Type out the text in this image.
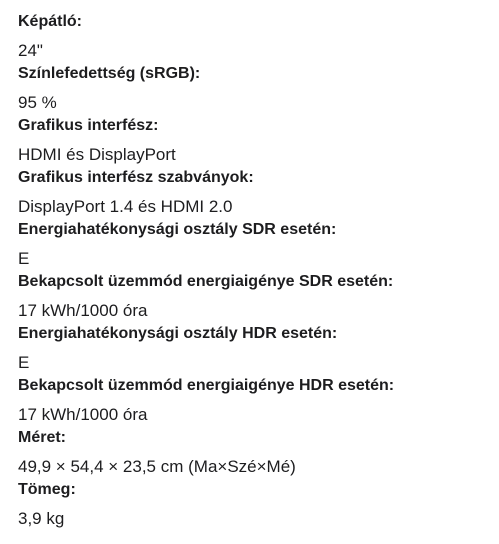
Képátló:
24"
Színlefedettség (sRGB):
95 %
Grafikus interfész:
HDMI és DisplayPort
Grafikus interfész szabványok:
DisplayPort 1.4 és HDMI 2.0
Energiahatékonysági osztály SDR esetén:
E
Bekapcsolt üzemmód energiaigénye SDR esetén:
17 kWh/1000 óra
Energiahatékonysági osztály HDR esetén:
E
Bekapcsolt üzemmód energiaigénye HDR esetén:
17 kWh/1000 óra
Méret:
49,9 × 54,4 × 23,5 cm (Ma×Szé×Mé)
Tömeg:
3,9 kg
